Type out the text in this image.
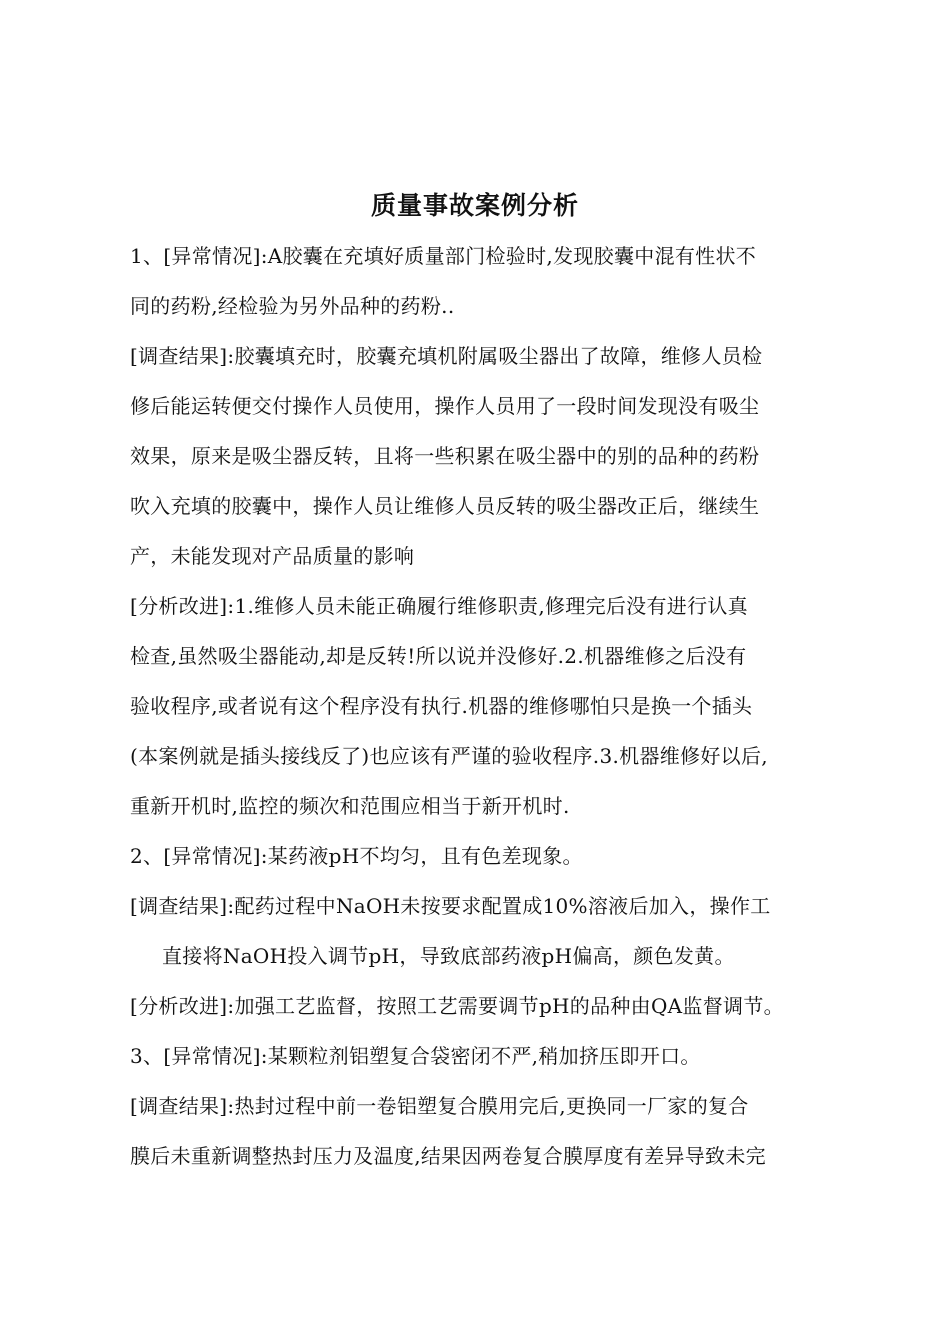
质量事故案例分析
1、[异常情况]:A胶囊在充填好质量部门检验时,发现胶囊中混有性状不
同的药粉,经检验为另外品种的药粉..
[调查结果]:胶囊填充时，胶囊充填机附属吸尘器出了故障，维修人员检
修后能运转便交付操作人员使用，操作人员用了一段时间发现没有吸尘
效果，原来是吸尘器反转，且将一些积累在吸尘器中的别的品种的药粉
吹入充填的胶囊中，操作人员让维修人员反转的吸尘器改正后，继续生
产，未能发现对产品质量的影响
[分析改进]:1.维修人员未能正确履行维修职责,修理完后没有进行认真
检查,虽然吸尘器能动,却是反转!所以说并没修好.2.机器维修之后没有
验收程序,或者说有这个程序没有执行.机器的维修哪怕只是换一个插头
(本案例就是插头接线反了)也应该有严谨的验收程序.3.机器维修好以后,
重新开机时,监控的频次和范围应相当于新开机时.
2、[异常情况]:某药液pH不均匀，且有色差现象。
[调查结果]:配药过程中NaOH未按要求配置成10%溶液后加入，操作工
直接将NaOH投入调节pH，导致底部药液pH偏高，颜色发黄。
[分析改进]:加强工艺监督，按照工艺需要调节pH的品种由QA监督调节。
3、[异常情况]:某颗粒剂铝塑复合袋密闭不严,稍加挤压即开口。
[调查结果]:热封过程中前一卷铝塑复合膜用完后,更换同一厂家的复合
膜后未重新调整热封压力及温度,结果因两卷复合膜厚度有差异导致未完
